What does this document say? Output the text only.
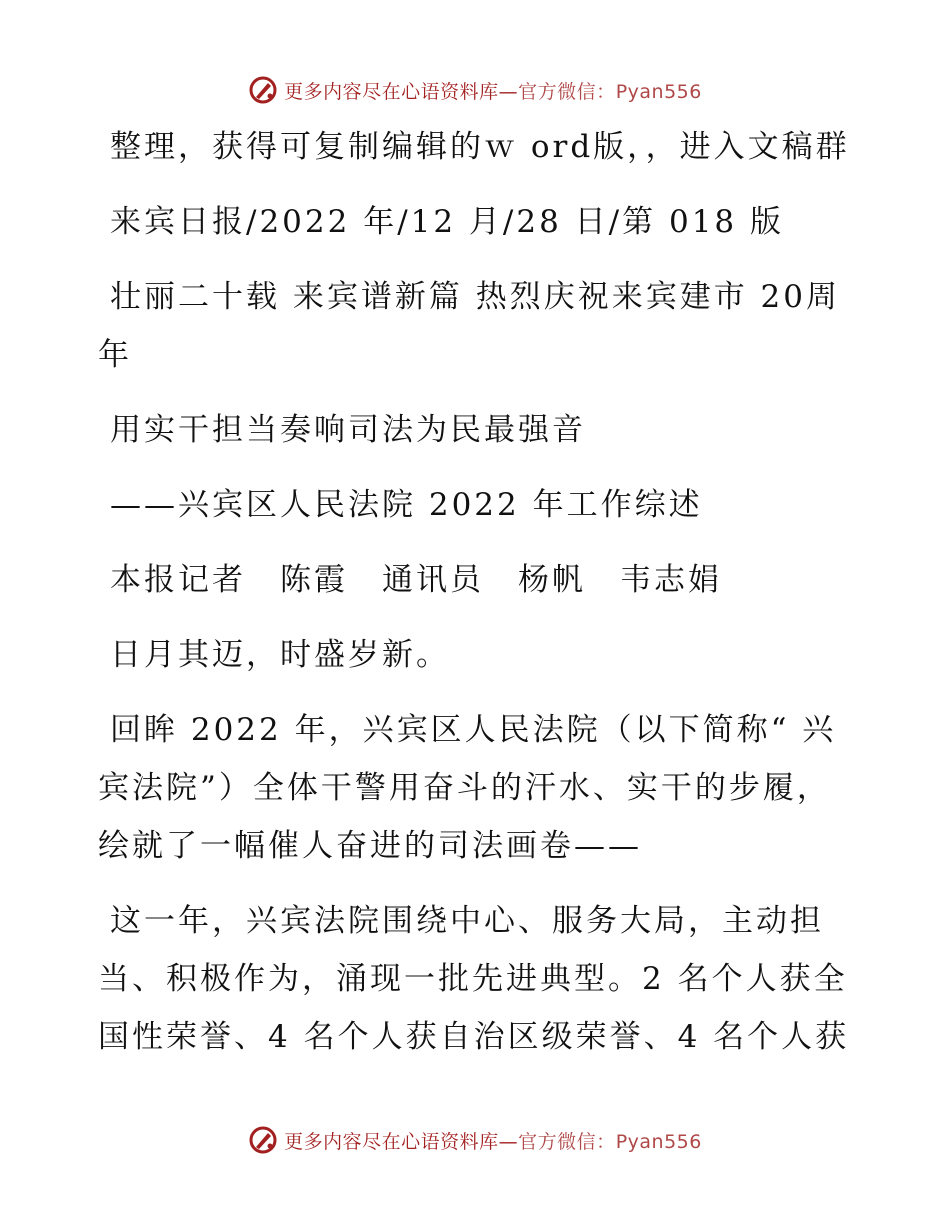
更多内容尽在心语资料库—官方微信：Pyan556

整理，获得可复制编辑的ｗ ord版，，进入文稿群

来宾日报/2022 年/12 月/28 日/第 018 版

壮丽二十载 来宾谱新篇 热烈庆祝来宾建市 20周年

用实干担当奏响司法为民最强音

——兴宾区人民法院 2022 年工作综述

本报记者　陈霞　通讯员　杨帆　韦志娟

日月其迈，时盛岁新。

回眸 2022 年，兴宾区人民法院（以下简称“ 兴宾法院”）全体干警用奋斗的汗水、实干的步履，绘就了一幅催人奋进的司法画卷——

这一年，兴宾法院围绕中心、服务大局，主动担当、积极作为，涌现一批先进典型。2 名个人获全国性荣誉、4 名个人获自治区级荣誉、4 名个人获

更多内容尽在心语资料库—官方微信：Pyan556
